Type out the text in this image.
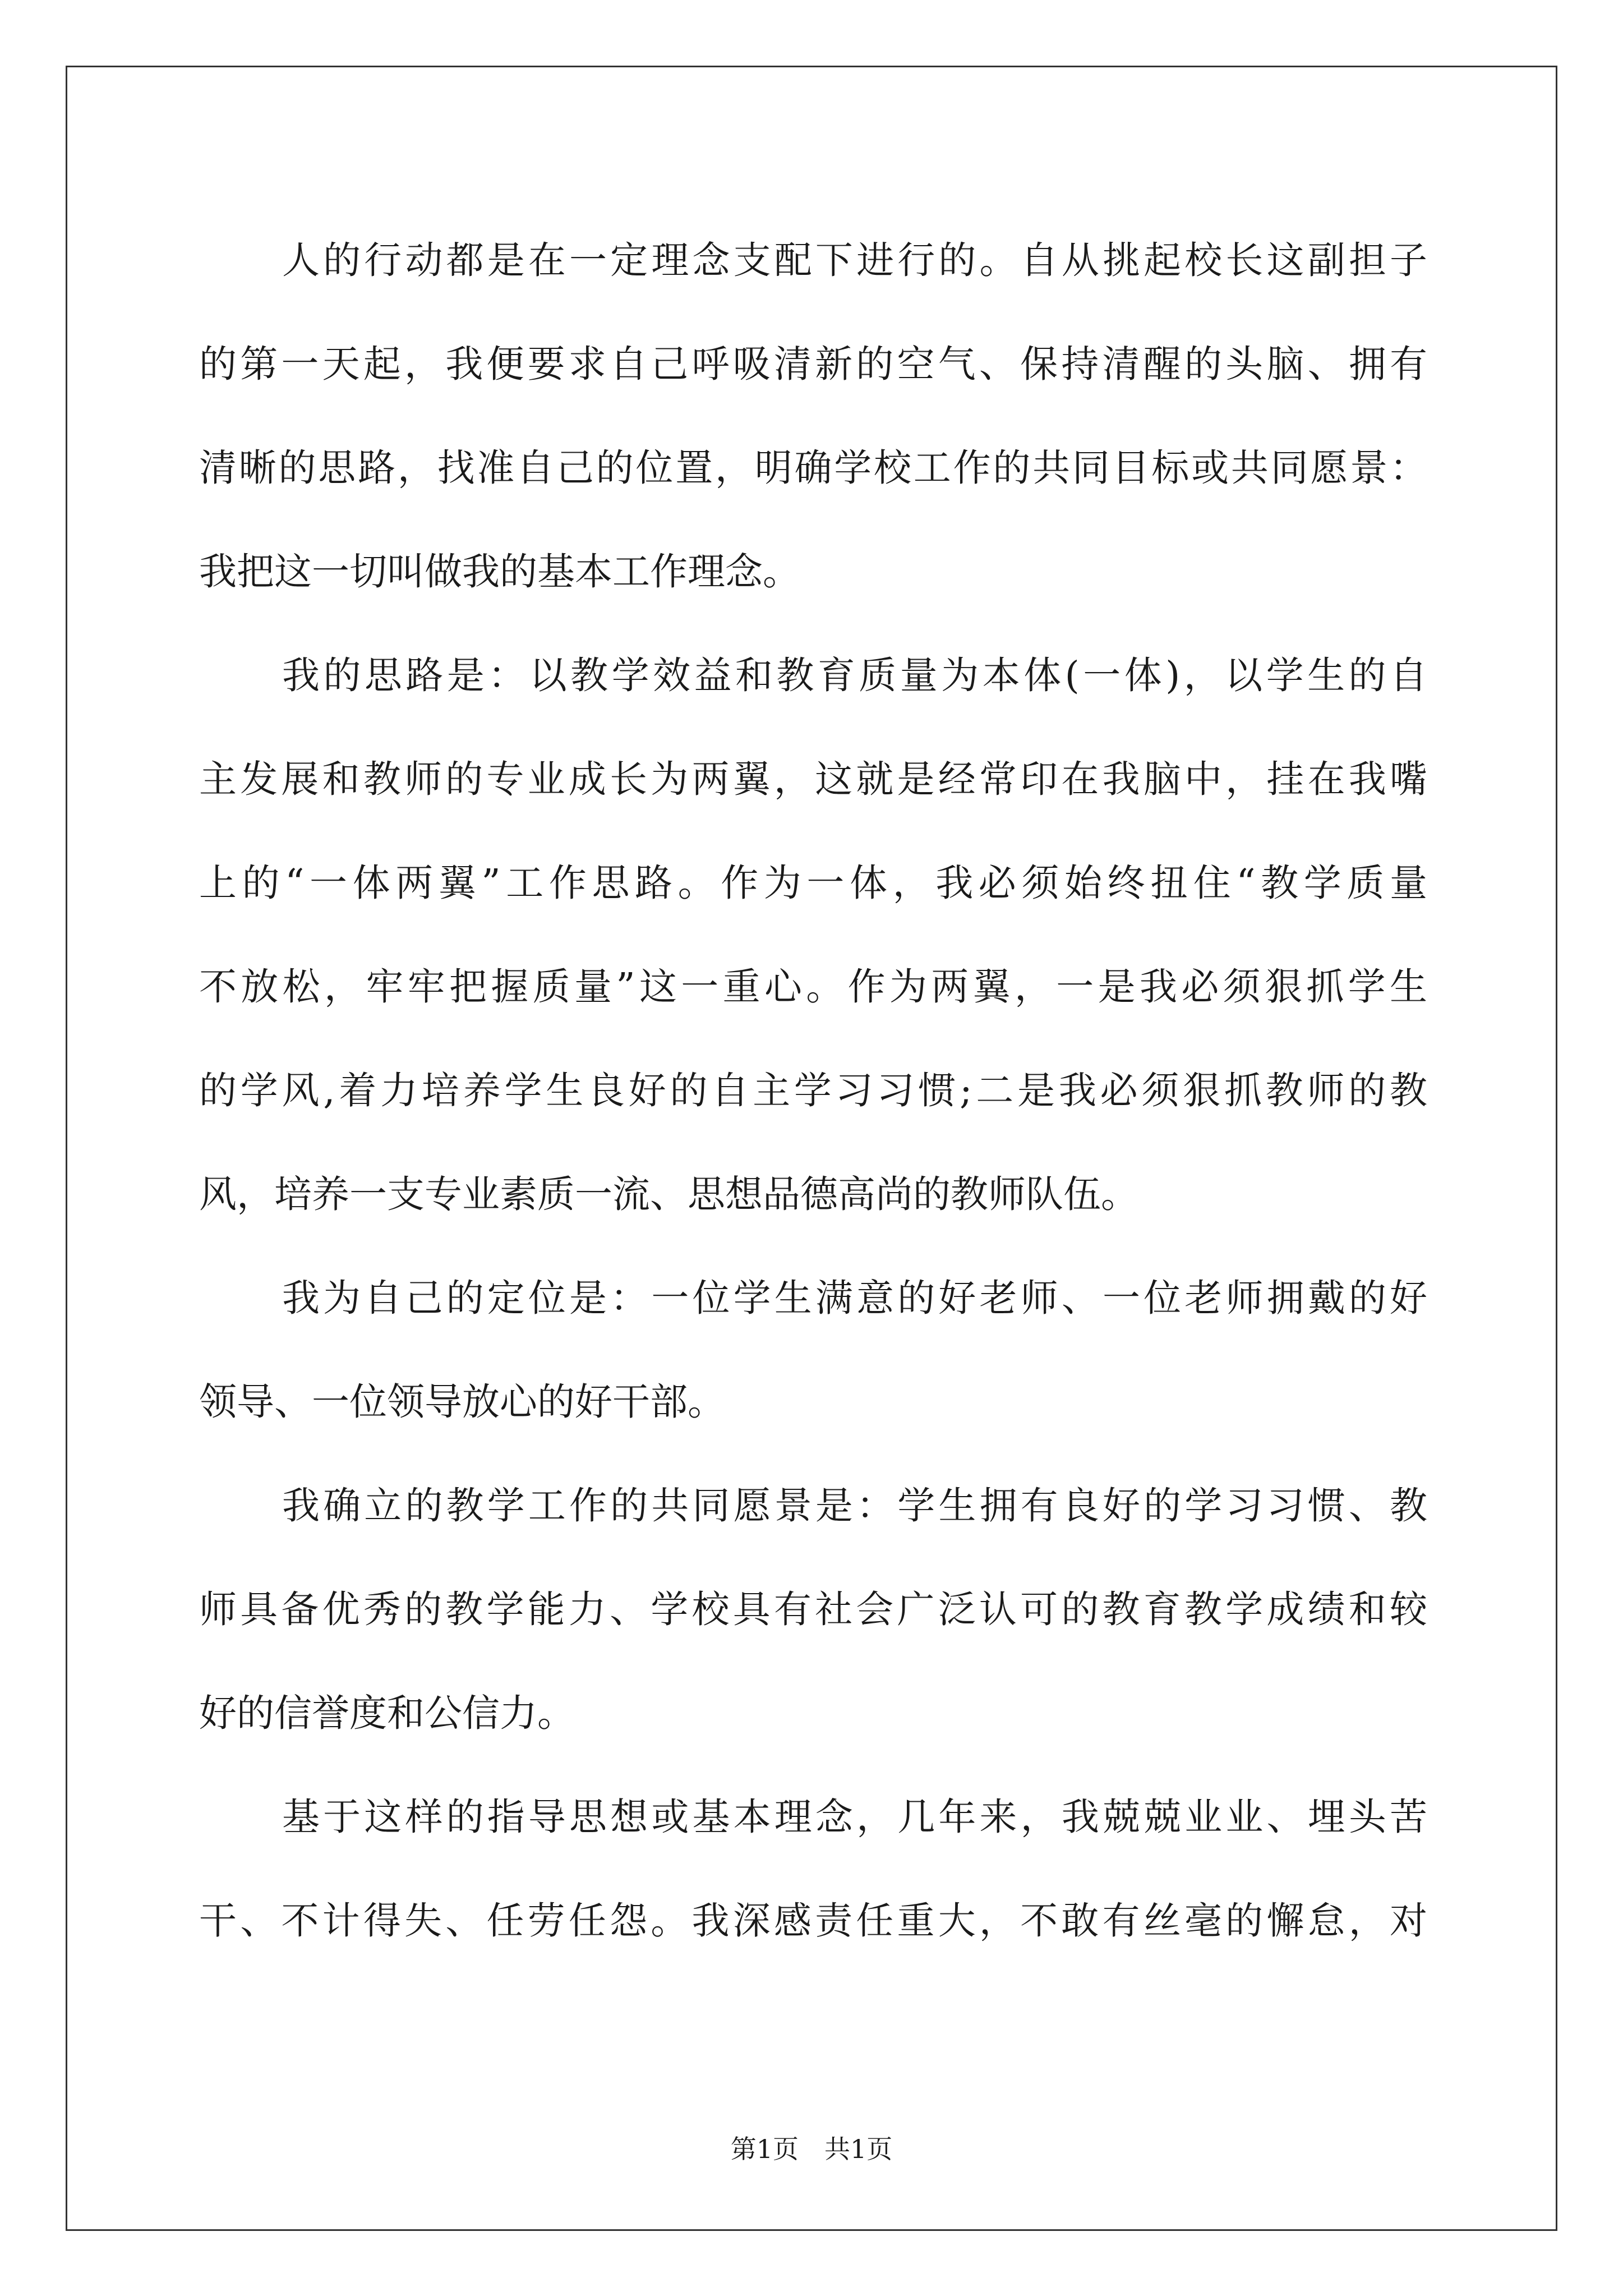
人的行动都是在一定理念支配下进行的。自从挑起校长这副担子
的第一天起，我便要求自己呼吸清新的空气、保持清醒的头脑、拥有
清晰的思路，找准自己的位置，明确学校工作的共同目标或共同愿景：
我把这一切叫做我的基本工作理念。
我的思路是：以教学效益和教育质量为本体(一体)，以学生的自
主发展和教师的专业成长为两翼，这就是经常印在我脑中，挂在我嘴
上的“一体两翼”工作思路。作为一体，我必须始终扭住“教学质量
不放松，牢牢把握质量”这一重心。作为两翼，一是我必须狠抓学生
的学风,着力培养学生良好的自主学习习惯;二是我必须狠抓教师的教
风，培养一支专业素质一流、思想品德高尚的教师队伍。
我为自己的定位是：一位学生满意的好老师、一位老师拥戴的好
领导、一位领导放心的好干部。
我确立的教学工作的共同愿景是：学生拥有良好的学习习惯、教
师具备优秀的教学能力、学校具有社会广泛认可的教育教学成绩和较
好的信誉度和公信力。
基于这样的指导思想或基本理念，几年来，我兢兢业业、埋头苦
干、不计得失、任劳任怨。我深感责任重大，不敢有丝毫的懈怠，对
第1页　共1页
